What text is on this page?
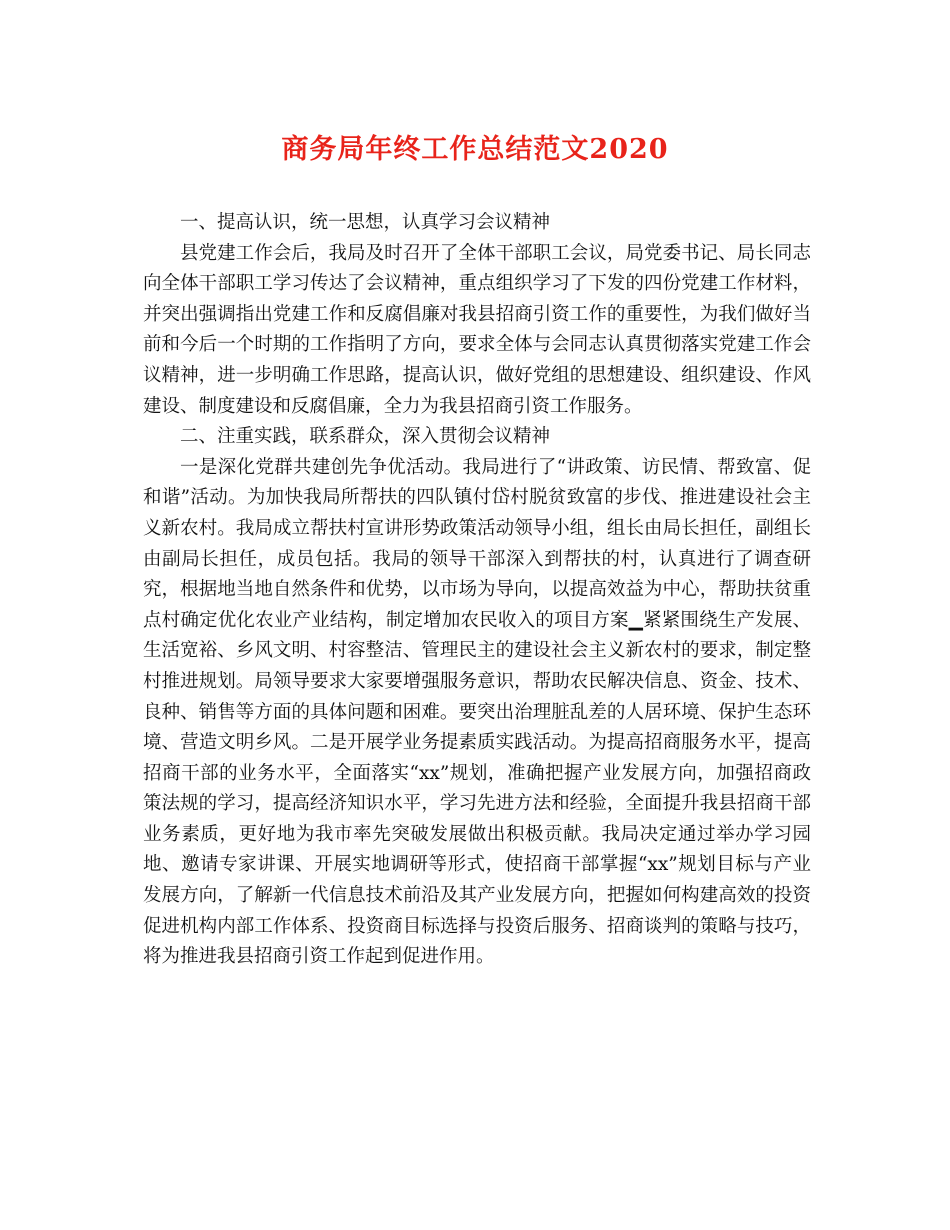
商务局年终工作总结范文2020

一、提高认识，统一思想，认真学习会议精神

县党建工作会后，我局及时召开了全体干部职工会议，局党委书记、局长同志向全体干部职工学习传达了会议精神，重点组织学习了下发的四份党建工作材料，并突出强调指出党建工作和反腐倡廉对我县招商引资工作的重要性，为我们做好当前和今后一个时期的工作指明了方向，要求全体与会同志认真贯彻落实党建工作会议精神，进一步明确工作思路，提高认识，做好党组的思想建设、组织建设、作风建设、制度建设和反腐倡廉，全力为我县招商引资工作服务。

二、注重实践，联系群众，深入贯彻会议精神

一是深化党群共建创先争优活动。我局进行了“讲政策、访民情、帮致富、促和谐”活动。为加快我局所帮扶的四队镇付岱村脱贫致富的步伐、推进建设社会主义新农村。我局成立帮扶村宣讲形势政策活动领导小组，组长由局长担任，副组长由副局长担任，成员包括。我局的领导干部深入到帮扶的村，认真进行了调查研究，根据地当地自然条件和优势，以市场为导向，以提高效益为中心，帮助扶贫重点村确定优化农业产业结构，制定增加农民收入的项目方案▁紧紧围绕生产发展、生活宽裕、乡风文明、村容整洁、管理民主的建设社会主义新农村的要求，制定整村推进规划。局领导要求大家要增强服务意识，帮助农民解决信息、资金、技术、良种、销售等方面的具体问题和困难。要突出治理脏乱差的人居环境、保护生态环境、营造文明乡风。二是开展学业务提素质实践活动。为提高招商服务水平，提高招商干部的业务水平，全面落实“xx”规划，准确把握产业发展方向，加强招商政策法规的学习，提高经济知识水平，学习先进方法和经验，全面提升我县招商干部业务素质，更好地为我市率先突破发展做出积极贡献。我局决定通过举办学习园地、邀请专家讲课、开展实地调研等形式，使招商干部掌握“xx”规划目标与产业发展方向，了解新一代信息技术前沿及其产业发展方向，把握如何构建高效的投资促进机构内部工作体系、投资商目标选择与投资后服务、招商谈判的策略与技巧，将为推进我县招商引资工作起到促进作用。
